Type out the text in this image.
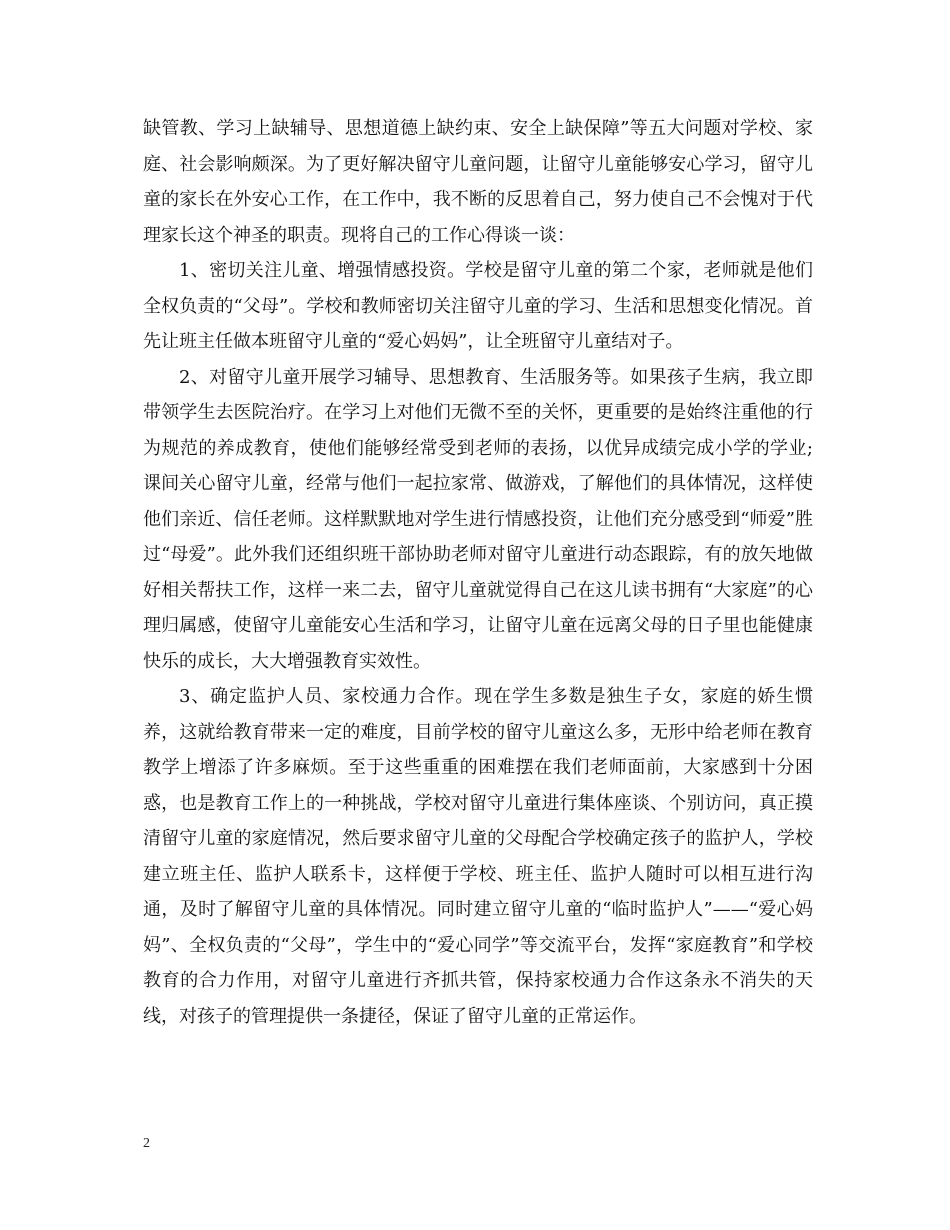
缺管教、学习上缺辅导、思想道德上缺约束、安全上缺保障”等五大问题对学校、家庭、社会影响颇深。为了更好解决留守儿童问题，让留守儿童能够安心学习，留守儿童的家长在外安心工作，在工作中，我不断的反思着自己，努力使自己不会愧对于代理家长这个神圣的职责。现将自己的工作心得谈一谈：

1、密切关注儿童、增强情感投资。学校是留守儿童的第二个家，老师就是他们全权负责的“父母”。学校和教师密切关注留守儿童的学习、生活和思想变化情况。首先让班主任做本班留守儿童的“爱心妈妈”，让全班留守儿童结对子。

2、对留守儿童开展学习辅导、思想教育、生活服务等。如果孩子生病，我立即带领学生去医院治疗。在学习上对他们无微不至的关怀，更重要的是始终注重他的行为规范的养成教育，使他们能够经常受到老师的表扬，以优异成绩完成小学的学业;课间关心留守儿童，经常与他们一起拉家常、做游戏，了解他们的具体情况，这样使他们亲近、信任老师。这样默默地对学生进行情感投资，让他们充分感受到“师爱”胜过“母爱”。此外我们还组织班干部协助老师对留守儿童进行动态跟踪，有的放矢地做好相关帮扶工作，这样一来二去，留守儿童就觉得自己在这儿读书拥有“大家庭”的心理归属感，使留守儿童能安心生活和学习，让留守儿童在远离父母的日子里也能健康快乐的成长，大大增强教育实效性。

3、确定监护人员、家校通力合作。现在学生多数是独生子女，家庭的娇生惯养，这就给教育带来一定的难度，目前学校的留守儿童这么多，无形中给老师在教育教学上增添了许多麻烦。至于这些重重的困难摆在我们老师面前，大家感到十分困惑，也是教育工作上的一种挑战，学校对留守儿童进行集体座谈、个别访问，真正摸清留守儿童的家庭情况，然后要求留守儿童的父母配合学校确定孩子的监护人，学校建立班主任、监护人联系卡，这样便于学校、班主任、监护人随时可以相互进行沟通，及时了解留守儿童的具体情况。同时建立留守儿童的“临时监护人”——“爱心妈妈”、全权负责的“父母”，学生中的“爱心同学”等交流平台，发挥“家庭教育”和学校教育的合力作用，对留守儿童进行齐抓共管，保持家校通力合作这条永不消失的天线，对孩子的管理提供一条捷径，保证了留守儿童的正常运作。

2
